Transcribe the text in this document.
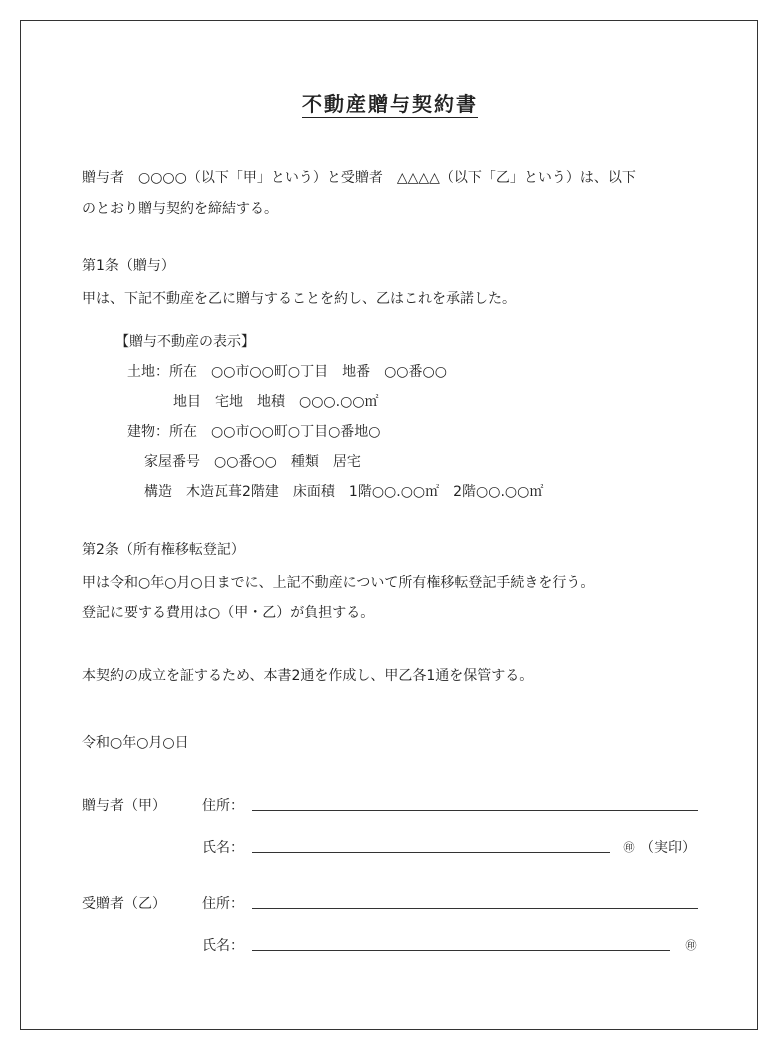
不動産贈与契約書
贈与者　○○○○（以下「甲」という）と受贈者　△△△△（以下「乙」という）は、以下
のとおり贈与契約を締結する。
第1条（贈与）
甲は、下記不動産を乙に贈与することを約し、乙はこれを承諾した。
【贈与不動産の表示】
土地：所在　○○市○○町○丁目　地番　○○番○○
地目　宅地　地積　○○○.○○㎡
建物：所在　○○市○○町○丁目○番地○
家屋番号　○○番○○　種類　居宅
構造　木造瓦葺2階建　床面積　1階○○.○○㎡　2階○○.○○㎡
第2条（所有権移転登記）
甲は令和○年○月○日までに、上記不動産について所有権移転登記手続きを行う。
登記に要する費用は○（甲・乙）が負担する。
本契約の成立を証するため、本書2通を作成し、甲乙各1通を保管する。
令和○年○月○日
贈与者（甲）	住所：
氏名：	㊞ （実印）
受贈者（乙）	住所：
氏名：	㊞
